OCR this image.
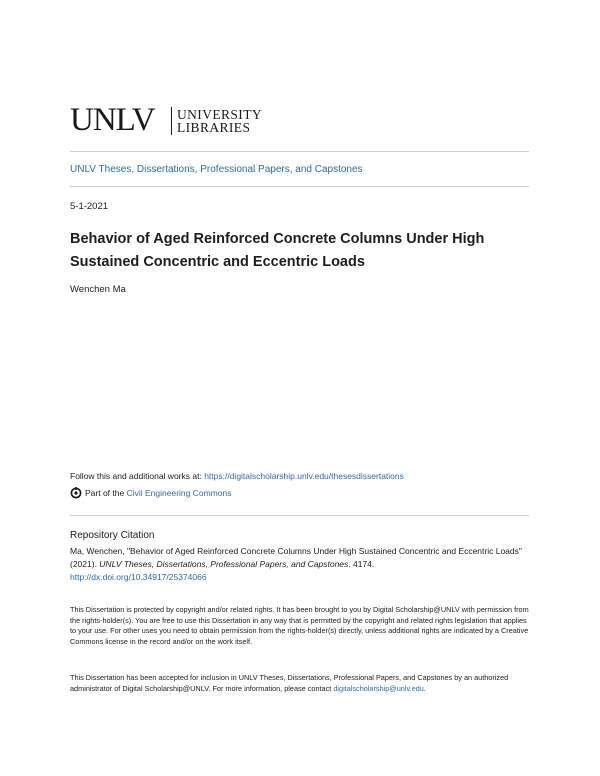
UNLV UNIVERSITY
LIBRARIES
UNLV Theses, Dissertations, Professional Papers, and Capstones
5-1-2021
Behavior of Aged Reinforced Concrete Columns Under High Sustained Concentric and Eccentric Loads
Wenchen Ma
Follow this and additional works at: https://digitalscholarship.unlv.edu/thesesdissertations
Part of the Civil Engineering Commons
Repository Citation
Ma, Wenchen, "Behavior of Aged Reinforced Concrete Columns Under High Sustained Concentric and Eccentric Loads" (2021). UNLV Theses, Dissertations, Professional Papers, and Capstones. 4174.
http://dx.doi.org/10.34917/25374066
This Dissertation is protected by copyright and/or related rights. It has been brought to you by Digital Scholarship@UNLV with permission from the rights-holder(s). You are free to use this Dissertation in any way that is permitted by the copyright and related rights legislation that applies to your use. For other uses you need to obtain permission from the rights-holder(s) directly, unless additional rights are indicated by a Creative Commons license in the record and/or on the work itself.
This Dissertation has been accepted for inclusion in UNLV Theses, Dissertations, Professional Papers, and Capstones by an authorized administrator of Digital Scholarship@UNLV. For more information, please contact digitalscholarship@unlv.edu.
